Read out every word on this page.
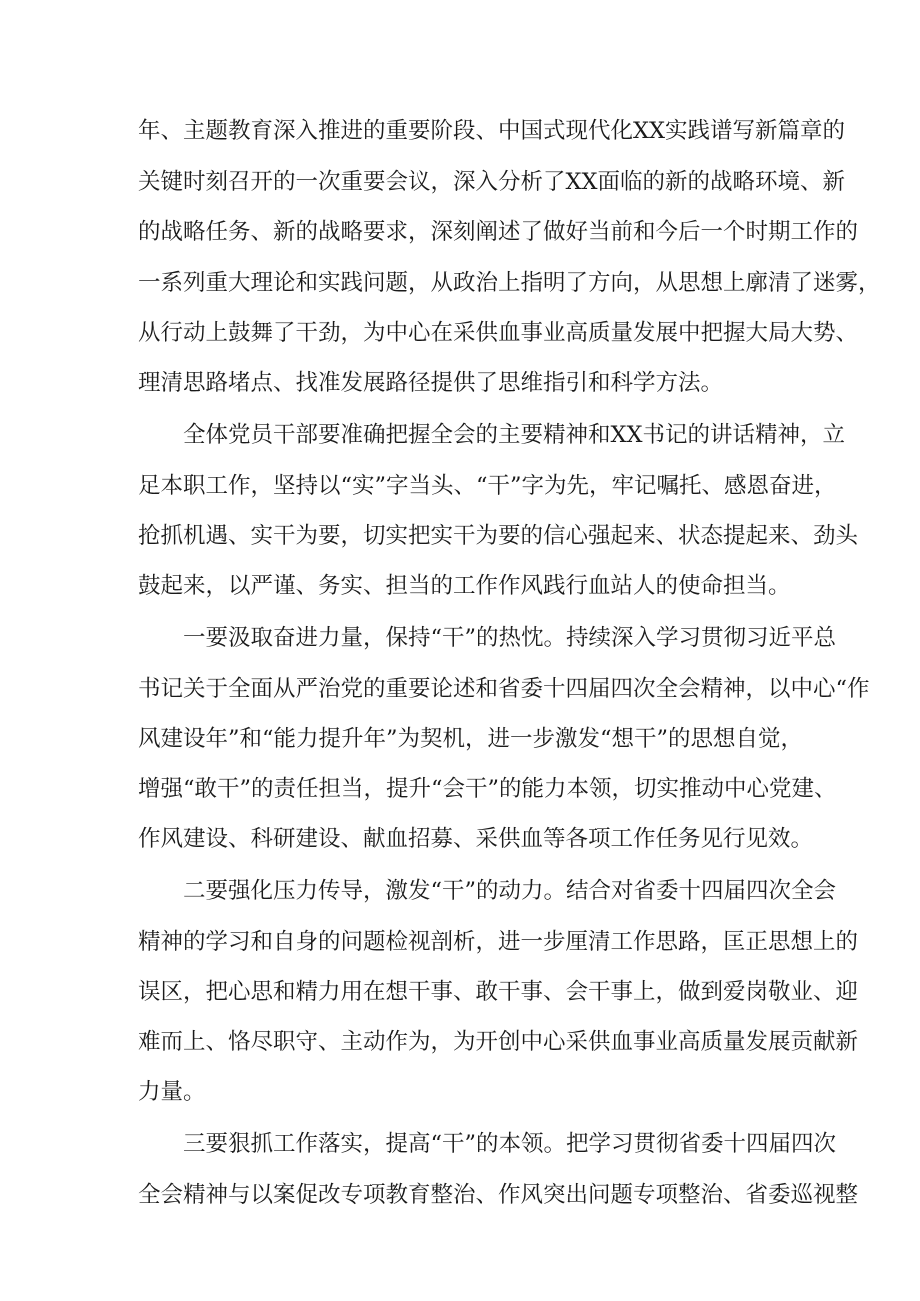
年、主题教育深入推进的重要阶段、中国式现代化XX实践谱写新篇章的
关键时刻召开的一次重要会议，深入分析了XX面临的新的战略环境、新
的战略任务、新的战略要求，深刻阐述了做好当前和今后一个时期工作的
一系列重大理论和实践问题，从政治上指明了方向，从思想上廓清了迷雾，
从行动上鼓舞了干劲，为中心在采供血事业高质量发展中把握大局大势、
理清思路堵点、找准发展路径提供了思维指引和科学方法。
全体党员干部要准确把握全会的主要精神和XX书记的讲话精神，立
足本职工作，坚持以“实”字当头、“干”字为先，牢记嘱托、感恩奋进，
抢抓机遇、实干为要，切实把实干为要的信心强起来、状态提起来、劲头
鼓起来，以严谨、务实、担当的工作作风践行血站人的使命担当。
一要汲取奋进力量，保持“干”的热忱。持续深入学习贯彻习近平总
书记关于全面从严治党的重要论述和省委十四届四次全会精神，以中心“作
风建设年”和“能力提升年”为契机，进一步激发“想干”的思想自觉，
增强“敢干”的责任担当，提升“会干”的能力本领，切实推动中心党建、
作风建设、科研建设、献血招募、采供血等各项工作任务见行见效。
二要强化压力传导，激发“干”的动力。结合对省委十四届四次全会
精神的学习和自身的问题检视剖析，进一步厘清工作思路，匡正思想上的
误区，把心思和精力用在想干事、敢干事、会干事上，做到爱岗敬业、迎
难而上、恪尽职守、主动作为，为开创中心采供血事业高质量发展贡献新
力量。
三要狠抓工作落实，提高“干”的本领。把学习贯彻省委十四届四次
全会精神与以案促改专项教育整治、作风突出问题专项整治、省委巡视整
